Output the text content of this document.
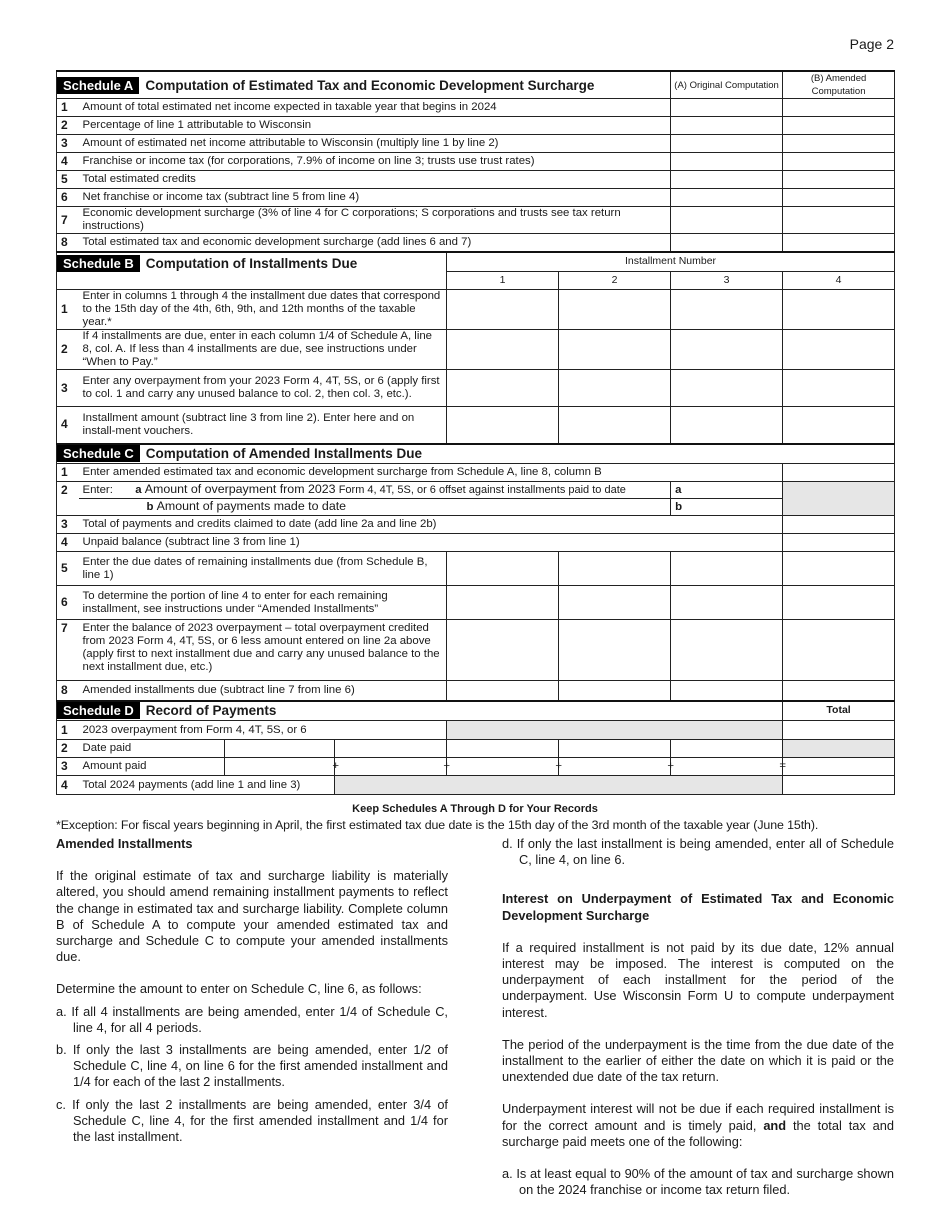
Page 2
Schedule A Computation of Estimated Tax and Economic Development Surcharge						(A) Original Computation	(B) Amended Computation
1	Amount of total estimated net income expected in taxable year that begins in 2024						
2	Percentage of line 1 attributable to Wisconsin						
3	Amount of estimated net income attributable to Wisconsin (multiply line 1 by line 2)						
4	Franchise or income tax (for corporations, 7.9% of income on line 3; trusts use trust rates)						
5	Total estimated credits						
6	Net franchise or income tax (subtract line 5 from line 4)						
7	Economic development surcharge (3% of line 4 for C corporations; S corporations and trusts see tax return instructions)						
8	Total estimated tax and economic development surcharge (add lines 6 and 7)						
Schedule B Computation of Installments Due				Installment Number			
				1	2	3	4
1	Enter in columns 1 through 4 the installment due dates that correspond to the 15th day of the 4th, 6th, 9th, and 12th months of the taxable year.*						
2	If 4 installments are due, enter in each column 1/4 of Schedule A, line 8, col. A. If less than 4 installments are due, see instructions under “When to Pay.”						
3	Enter any overpayment from your 2023 Form 4, 4T, 5S, or 6 (apply first to col. 1 and carry any unused balance to col. 2, then col. 3, etc.).						
4	Installment amount (subtract line 3 from line 2). Enter here and on install-ment vouchers.						
Schedule C Computation of Amended Installments Due							
1	Enter amended estimated tax and economic development surcharge from Schedule A, line 8, column B						
2	Enter: a Amount of overpayment from 2023 Form 4, 4T, 5S, or 6 offset against installments paid to date					a	
	b Amount of payments made to date					b	
3	Total of payments and credits claimed to date (add line 2a and line 2b)						
4	Unpaid balance (subtract line 3 from line 1)						
5	Enter the due dates of remaining installments due (from Schedule B, line 1)						
6	To determine the portion of line 4 to enter for each remaining installment, see instructions under “Amended Installments”						
7	Enter the balance of 2023 overpayment – total overpayment credited from 2023 Form 4, 4T, 5S, or 6 less amount entered on line 2a above (apply first to next installment due and carry any unused balance to the next installment due, etc.)						
8	Amended installments due (subtract line 7 from line 6)						
Schedule D Record of Payments							Total
1	2023 overpayment from Form 4, 4T, 5S, or 6						
2	Date paid						
3	Amount paid	+	+	+	+	=	
4	Total 2024 payments (add line 1 and line 3)						
Keep Schedules A Through D for Your Records
*Exception: For fiscal years beginning in April, the first estimated tax due date is the 15th day of the 3rd month of the taxable year (June 15th).

Amended Installments

If the original estimate of tax and surcharge liability is materially altered, you should amend remaining installment payments to reflect the change in estimated tax and surcharge liability. Complete column B of Schedule A to compute your amended estimated tax and surcharge and Schedule C to compute your amended installments due.

Determine the amount to enter on Schedule C, line 6, as follows:

a. If all 4 installments are being amended, enter 1/4 of Schedule C, line 4, for all 4 periods.
b. If only the last 3 installments are being amended, enter 1/2 of Schedule C, line 4, on line 6 for the first amended installment and 1/4 for each of the last 2 installments.
c. If only the last 2 installments are being amended, enter 3/4 of Schedule C, line 4, for the first amended installment and 1/4 for the last installment.
d. If only the last installment is being amended, enter all of Schedule C, line 4, on line 6.

Interest on Underpayment of Estimated Tax and Economic Development Surcharge

If a required installment is not paid by its due date, 12% annual interest may be imposed. The interest is computed on the underpayment of each installment for the period of the underpayment. Use Wisconsin Form U to compute underpayment interest.

The period of the underpayment is the time from the due date of the installment to the earlier of either the date on which it is paid or the unextended due date of the tax return.

Underpayment interest will not be due if each required installment is for the correct amount and is timely paid, and the total tax and surcharge paid meets one of the following:

a. Is at least equal to 90% of the amount of tax and surcharge shown on the 2024 franchise or income tax return filed.
